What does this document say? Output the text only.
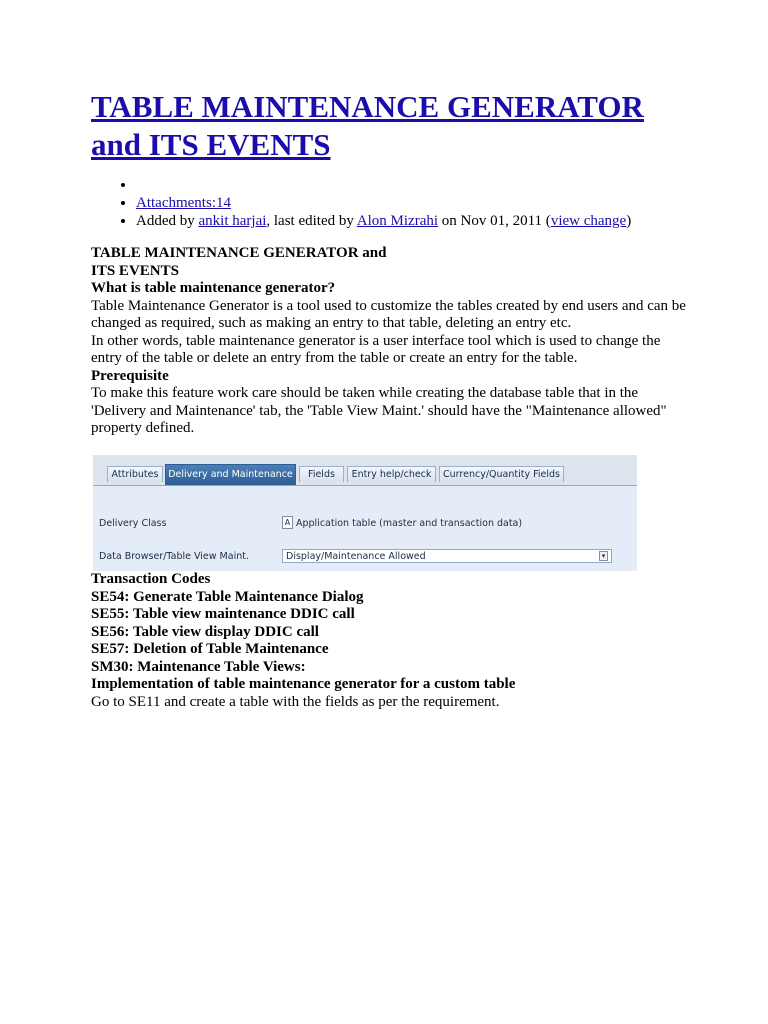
TABLE MAINTENANCE GENERATOR
and ITS EVENTS
•
• Attachments:14
• Added by ankit harjai, last edited by Alon Mizrahi on Nov 01, 2011 (view change)

TABLE MAINTENANCE GENERATOR and

ITS EVENTS

What is table maintenance generator?

Table Maintenance Generator is a tool used to customize the tables created by end users and can be changed as required, such as making an entry to that table, deleting an entry etc.

In other words, table maintenance generator is a user interface tool which is used to change the entry of the table or delete an entry from the table or create an entry for the table.

Prerequisite

To make this feature work care should be taken while creating the database table that in the 'Delivery and Maintenance' tab, the 'Table View Maint.' should have the "Maintenance allowed" property defined.

Attributes	Delivery and Maintenance	Fields	Entry help/check	Currency/Quantity Fields
Delivery Class	A Application table (master and transaction data)
Data Browser/Table View Maint.	Display/Maintenance Allowed	▾

Transaction Codes

SE54: Generate Table Maintenance Dialog

SE55: Table view maintenance DDIC call

SE56: Table view display DDIC call

SE57: Deletion of Table Maintenance

SM30: Maintenance Table Views:

Implementation of table maintenance generator for a custom table

Go to SE11 and create a table with the fields as per the requirement.
